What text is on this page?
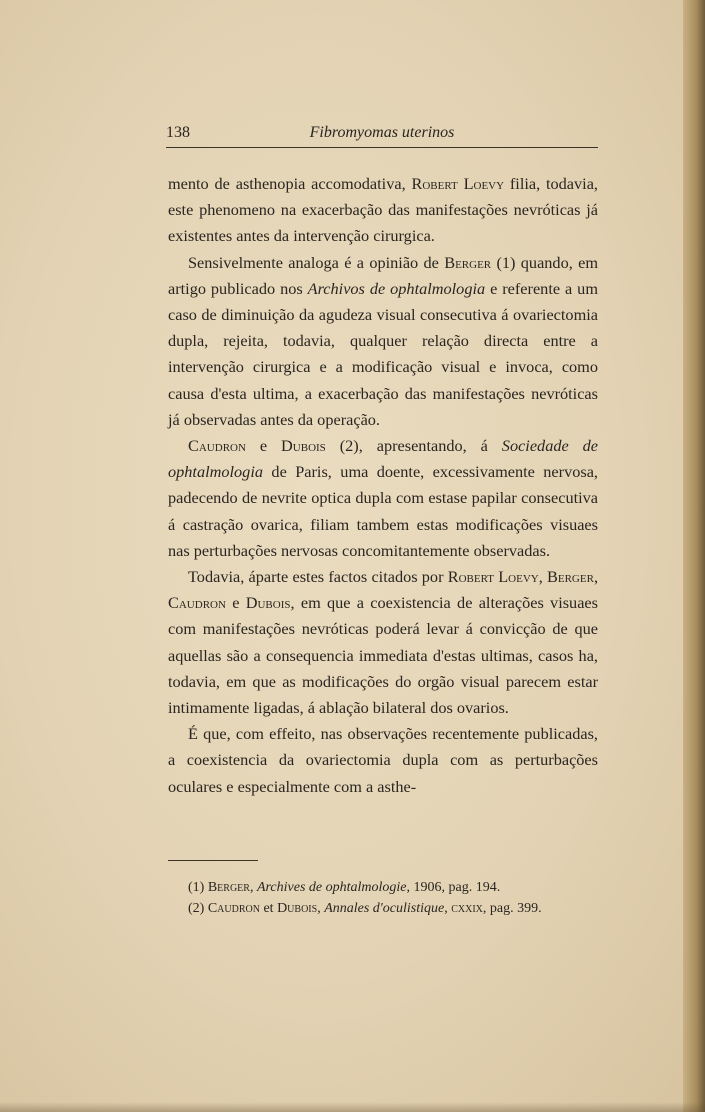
138	Fibromyomas uterinos

mento de asthenopia accomodativa, Robert Loevy filia, todavia, este phenomeno na exacerbação das manifestações nevróticas já existentes antes da intervenção cirurgica.

Sensivelmente analoga é a opinião de Berger (1) quando, em artigo publicado nos Archivos de ophtalmologia e referente a um caso de diminuição da agudeza visual consecutiva á ovariectomia dupla, rejeita, todavia, qualquer relação directa entre a intervenção cirurgica e a modificação visual e invoca, como causa d'esta ultima, a exacerbação das manifestações nevróticas já observadas antes da operação.

Caudron e Dubois (2), apresentando, á Sociedade de ophtalmologia de Paris, uma doente, excessivamente nervosa, padecendo de nevrite optica dupla com estase papilar consecutiva á castração ovarica, filiam tambem estas modificações visuaes nas perturbações nervosas concomitantemente observadas.

Todavia, áparte estes factos citados por Robert Loevy, Berger, Caudron e Dubois, em que a coexistencia de alterações visuaes com manifestações nevróticas poderá levar á convicção de que aquellas são a consequencia immediata d'estas ultimas, casos ha, todavia, em que as modificações do orgão visual parecem estar intimamente ligadas, á ablação bilateral dos ovarios.

É que, com effeito, nas observações recentemente publicadas, a coexistencia da ovariectomia dupla com as perturbações oculares e especialmente com a asthe-

(1) Berger, Archives de ophtalmologie, 1906, pag. 194.

(2) Caudron et Dubois, Annales d'oculistique, cxxix, pag. 399.
